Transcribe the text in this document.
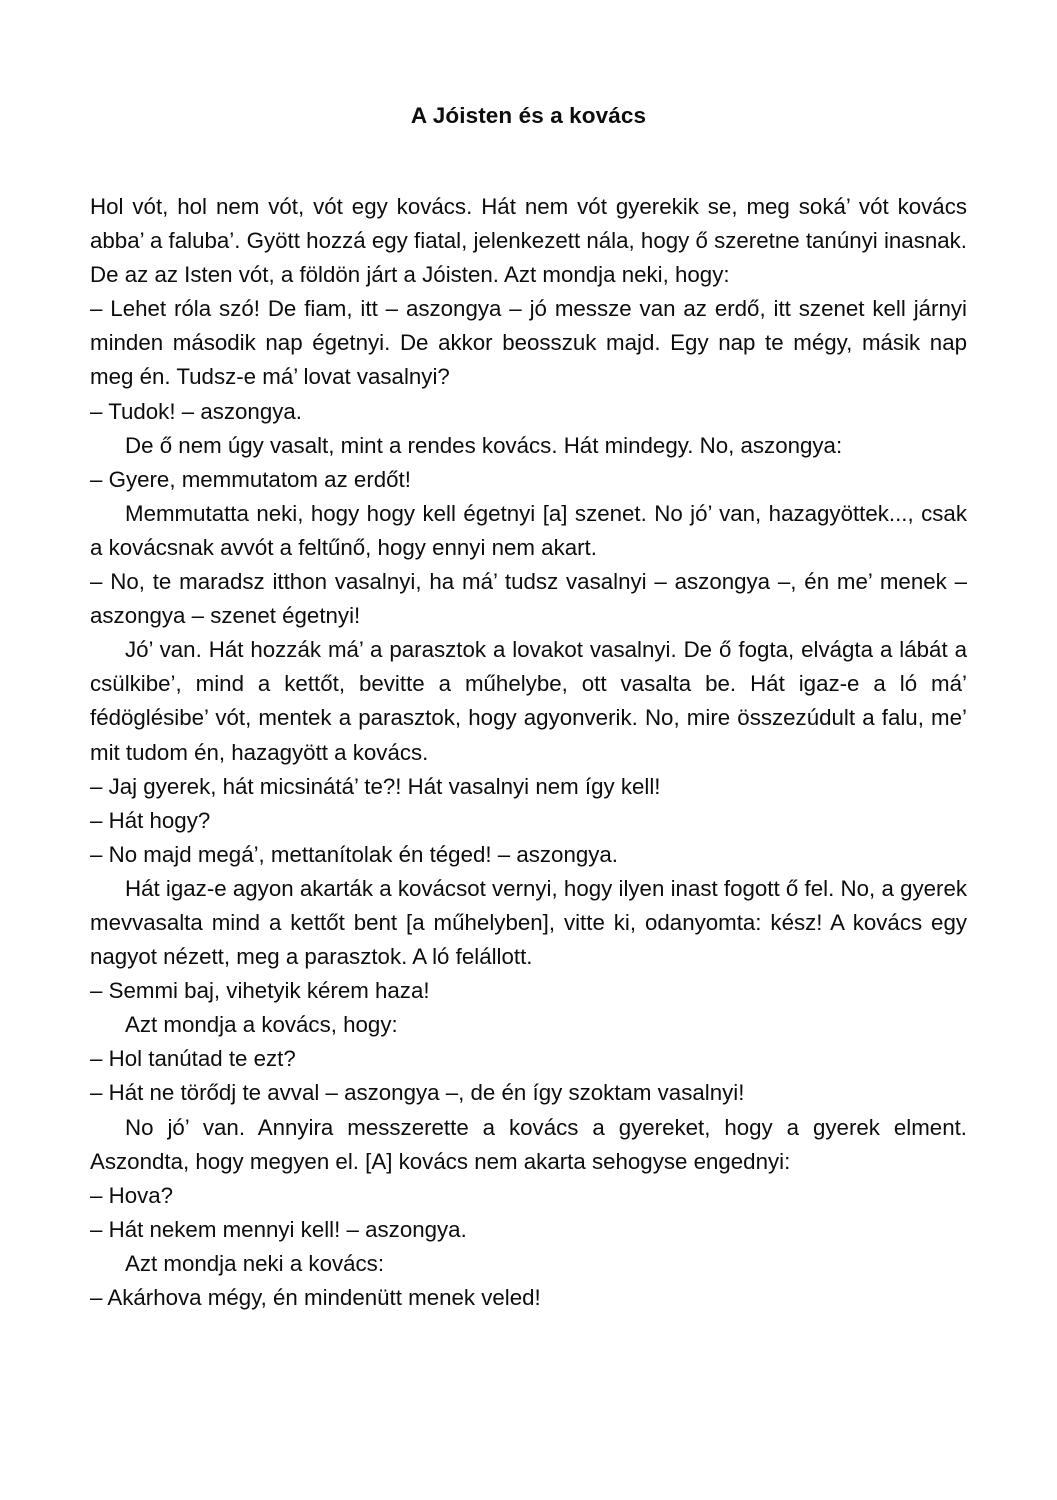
A Jóisten és a kovács

Hol vót, hol nem vót, vót egy kovács. Hát nem vót gyerekik se, meg soká’ vót kovács abba’ a faluba’. Gyött hozzá egy fiatal, jelenkezett nála, hogy ő szeretne tanúnyi inasnak. De az az Isten vót, a földön járt a Jóisten. Azt mondja neki, hogy:

– Lehet róla szó! De fiam, itt – aszongya – jó messze van az erdő, itt szenet kell járnyi minden második nap égetnyi. De akkor beosszuk majd. Egy nap te mégy, másik nap meg én. Tudsz-e má’ lovat vasalnyi?

– Tudok! – aszongya.

De ő nem úgy vasalt, mint a rendes kovács. Hát mindegy. No, aszongya:

– Gyere, memmutatom az erdőt!

Memmutatta neki, hogy hogy kell égetnyi [a] szenet. No jó’ van, hazagyöttek..., csak a kovácsnak avvót a feltűnő, hogy ennyi nem akart.

– No, te maradsz itthon vasalnyi, ha má’ tudsz vasalnyi – aszongya –, én me’ menek – aszongya – szenet égetnyi!

Jó’ van. Hát hozzák má’ a parasztok a lovakot vasalnyi. De ő fogta, elvágta a lábát a csülkibe’, mind a kettőt, bevitte a műhelybe, ott vasalta be. Hát igaz-e a ló má’ fédöglésibe’ vót, mentek a parasztok, hogy agyonverik. No, mire összezúdult a falu, me’ mit tudom én, hazagyött a kovács.

– Jaj gyerek, hát micsinátá’ te?! Hát vasalnyi nem így kell!

– Hát hogy?

– No majd megá’, mettanítolak én téged! – aszongya.

Hát igaz-e agyon akarták a kovácsot vernyi, hogy ilyen inast fogott ő fel. No, a gyerek mevvasalta mind a kettőt bent [a műhelyben], vitte ki, odanyomta: kész! A kovács egy nagyot nézett, meg a parasztok. A ló felállott.

– Semmi baj, vihetyik kérem haza!

Azt mondja a kovács, hogy:

– Hol tanútad te ezt?

– Hát ne törődj te avval – aszongya –, de én így szoktam vasalnyi!

No jó’ van. Annyira messzerette a kovács a gyereket, hogy a gyerek elment. Aszondta, hogy megyen el. [A] kovács nem akarta sehogyse engednyi:

– Hova?

– Hát nekem mennyi kell! – aszongya.

Azt mondja neki a kovács:

– Akárhova mégy, én mindenütt menek veled!
